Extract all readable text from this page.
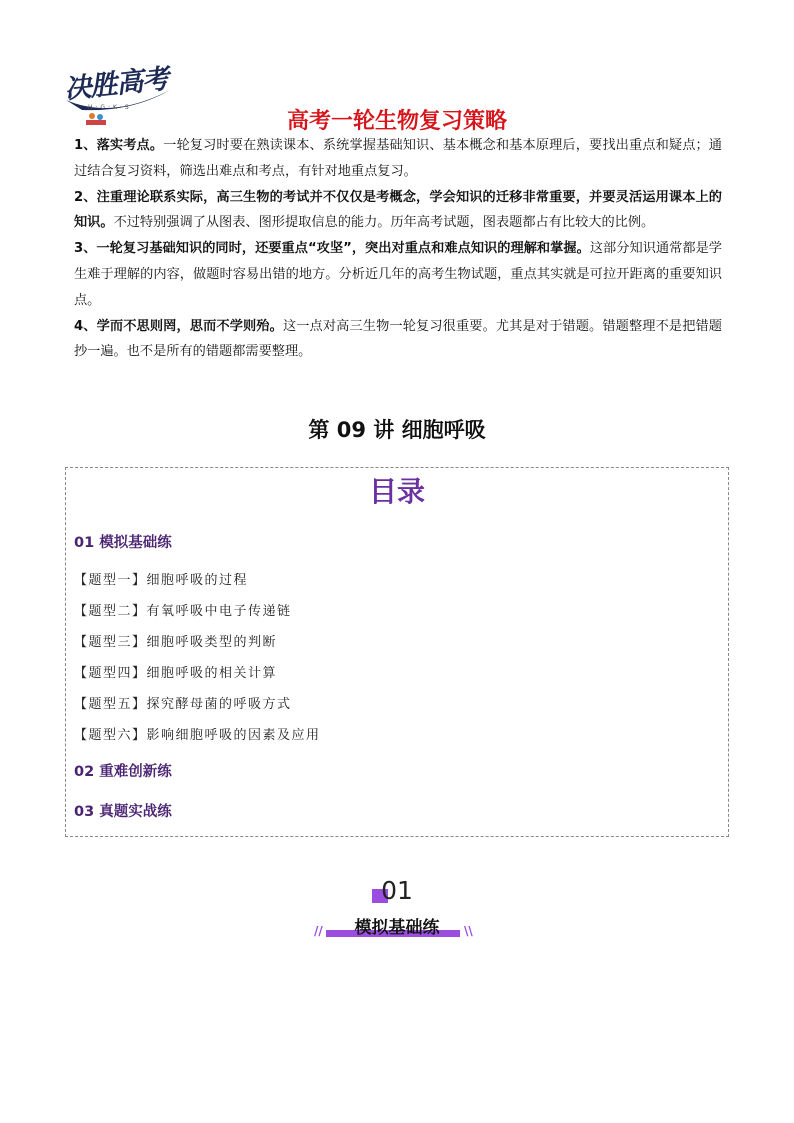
决胜高考
H·G·K·S
高考一轮生物复习策略

1、落实考点。一轮复习时要在熟读课本、系统掌握基础知识、基本概念和基本原理后，要找出重点和疑点；通过结合复习资料，筛选出难点和考点，有针对地重点复习。

2、注重理论联系实际，高三生物的考试并不仅仅是考概念，学会知识的迁移非常重要，并要灵活运用课本上的知识。不过特别强调了从图表、图形提取信息的能力。历年高考试题，图表题都占有比较大的比例。

3、一轮复习基础知识的同时，还要重点“攻坚”，突出对重点和难点知识的理解和掌握。这部分知识通常都是学生难于理解的内容，做题时容易出错的地方。分析近几年的高考生物试题，重点其实就是可拉开距离的重要知识点。

4、学而不思则罔，思而不学则殆。这一点对高三生物一轮复习很重要。尤其是对于错题。错题整理不是把错题抄一遍。也不是所有的错题都需要整理。

第 09 讲 细胞呼吸
目录
01 模拟基础练
【题型一】细胞呼吸的过程
【题型二】有氧呼吸中电子传递链
【题型三】细胞呼吸类型的判断
【题型四】细胞呼吸的相关计算
【题型五】探究酵母菌的呼吸方式
【题型六】影响细胞呼吸的因素及应用
02 重难创新练
03 真题实战练
01
//	\\
模拟基础练
